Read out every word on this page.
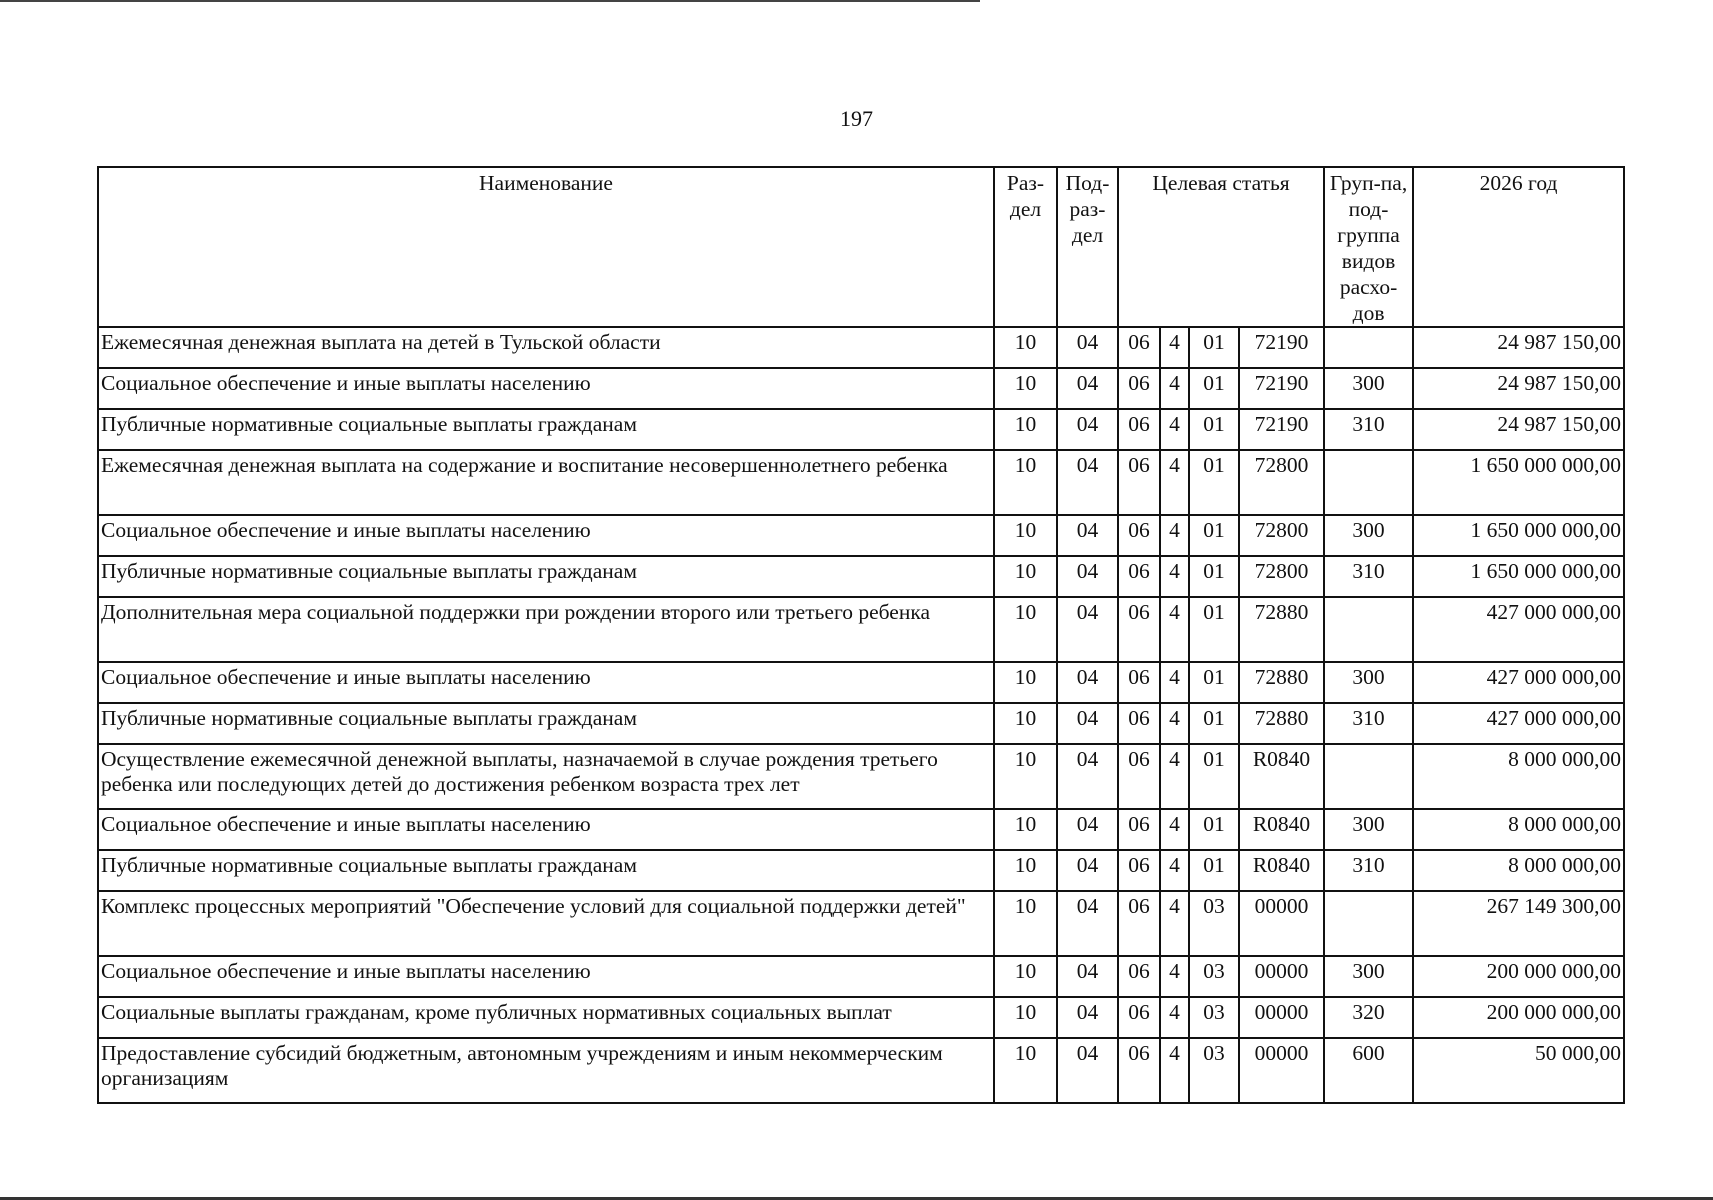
197
Наименование	Раз-дел	Под-раз-дел	Целевая статья				Груп-па, под-группа видов расхо-дов	2026 год
Ежемесячная денежная выплата на детей в Тульской области	10	04	06	4	01	72190		24 987 150,00
Социальное обеспечение и иные выплаты населению	10	04	06	4	01	72190	300	24 987 150,00
Публичные нормативные социальные выплаты гражданам	10	04	06	4	01	72190	310	24 987 150,00
Ежемесячная денежная выплата на содержание и воспитание несовершеннолетнего ребенка	10	04	06	4	01	72800		1 650 000 000,00
Социальное обеспечение и иные выплаты населению	10	04	06	4	01	72800	300	1 650 000 000,00
Публичные нормативные социальные выплаты гражданам	10	04	06	4	01	72800	310	1 650 000 000,00
Дополнительная мера социальной поддержки при рождении второго или третьего ребенка	10	04	06	4	01	72880		427 000 000,00
Социальное обеспечение и иные выплаты населению	10	04	06	4	01	72880	300	427 000 000,00
Публичные нормативные социальные выплаты гражданам	10	04	06	4	01	72880	310	427 000 000,00
Осуществление ежемесячной денежной выплаты, назначаемой в случае рождения третьего ребенка или последующих детей до достижения ребенком возраста трех лет	10	04	06	4	01	R0840		8 000 000,00
Социальное обеспечение и иные выплаты населению	10	04	06	4	01	R0840	300	8 000 000,00
Публичные нормативные социальные выплаты гражданам	10	04	06	4	01	R0840	310	8 000 000,00
Комплекс процессных мероприятий "Обеспечение условий для социальной поддержки детей"	10	04	06	4	03	00000		267 149 300,00
Социальное обеспечение и иные выплаты населению	10	04	06	4	03	00000	300	200 000 000,00
Социальные выплаты гражданам, кроме публичных нормативных социальных выплат	10	04	06	4	03	00000	320	200 000 000,00
Предоставление субсидий бюджетным, автономным учреждениям и иным некоммерческим организациям	10	04	06	4	03	00000	600	50 000,00
